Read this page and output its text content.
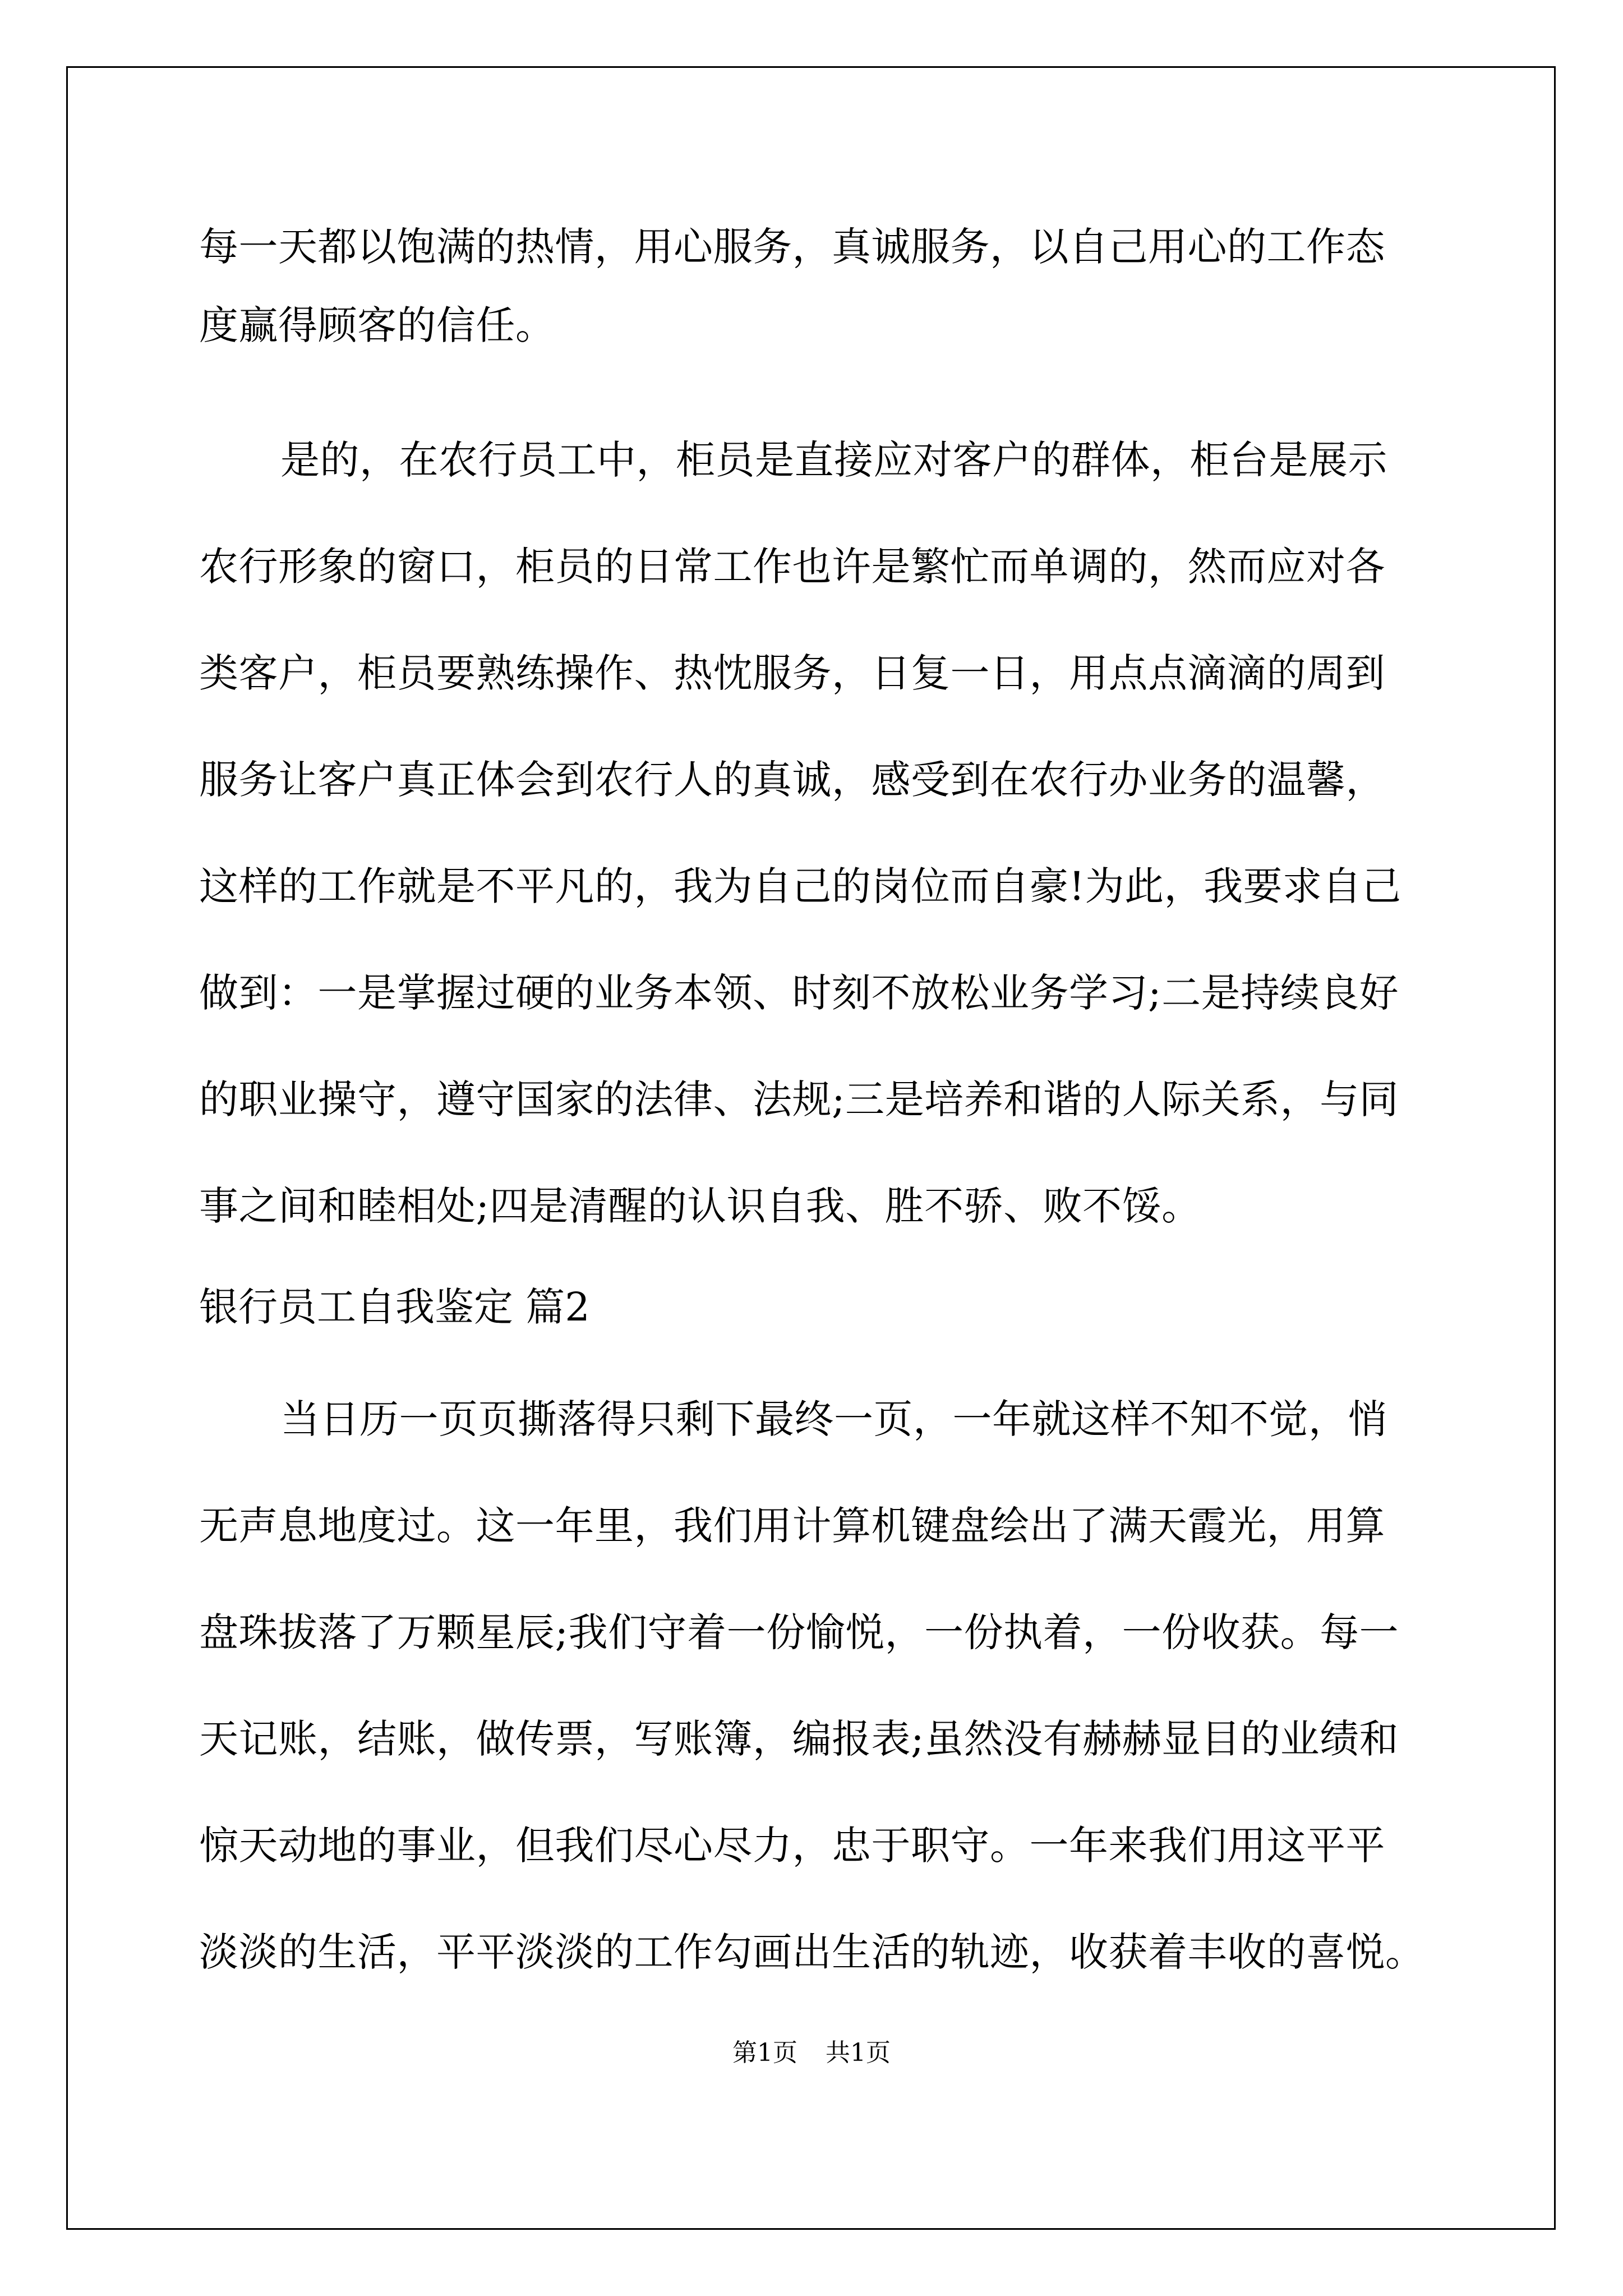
每一天都以饱满的热情，用心服务，真诚服务，以自己用心的工作态
度赢得顾客的信任。
是的，在农行员工中，柜员是直接应对客户的群体，柜台是展示
农行形象的窗口，柜员的日常工作也许是繁忙而单调的，然而应对各
类客户，柜员要熟练操作、热忱服务，日复一日，用点点滴滴的周到
服务让客户真正体会到农行人的真诚，感受到在农行办业务的温馨，
这样的工作就是不平凡的，我为自己的岗位而自豪!为此，我要求自己
做到：一是掌握过硬的业务本领、时刻不放松业务学习;二是持续良好
的职业操守，遵守国家的法律、法规;三是培养和谐的人际关系，与同
事之间和睦相处;四是清醒的认识自我、胜不骄、败不馁。
银行员工自我鉴定 篇2
当日历一页页撕落得只剩下最终一页，一年就这样不知不觉，悄
无声息地度过。这一年里，我们用计算机键盘绘出了满天霞光，用算
盘珠拔落了万颗星辰;我们守着一份愉悦，一份执着，一份收获。每一
天记账，结账，做传票，写账簿，编报表;虽然没有赫赫显目的业绩和
惊天动地的事业，但我们尽心尽力，忠于职守。一年来我们用这平平
淡淡的生活，平平淡淡的工作勾画出生活的轨迹，收获着丰收的喜悦。
第1页 共1页
